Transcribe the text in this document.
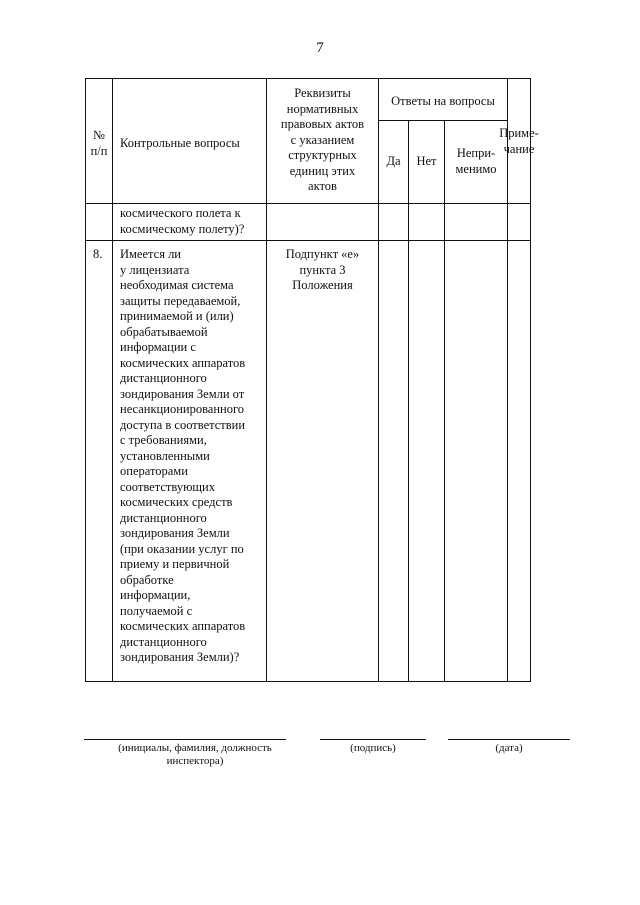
7
№
п/п
Контрольные вопросы
Реквизиты
нормативных
правовых актов
с указанием
структурных
единиц этих
актов
Ответы на вопросы
Да	Нет
Непри-
менимо
Приме-
чание
космического полета к
космическому полету)?
8. Имеется ли
у лицензиата
необходимая система
защиты передаваемой,
принимаемой и (или)
обрабатываемой
информации с
космических аппаратов
дистанционного
зондирования Земли от
несанкционированного
доступа в соответствии
с требованиями,
установленными
операторами
соответствующих
космических средств
дистанционного
зондирования Земли
(при оказании услуг по
приему и первичной
обработке
информации,
получаемой с
космических аппаратов
дистанционного
зондирования Земли)?
Подпункт «е»
пункта 3
Положения
(инициалы, фамилия, должность
инспектора)
(подпись)	(дата)
